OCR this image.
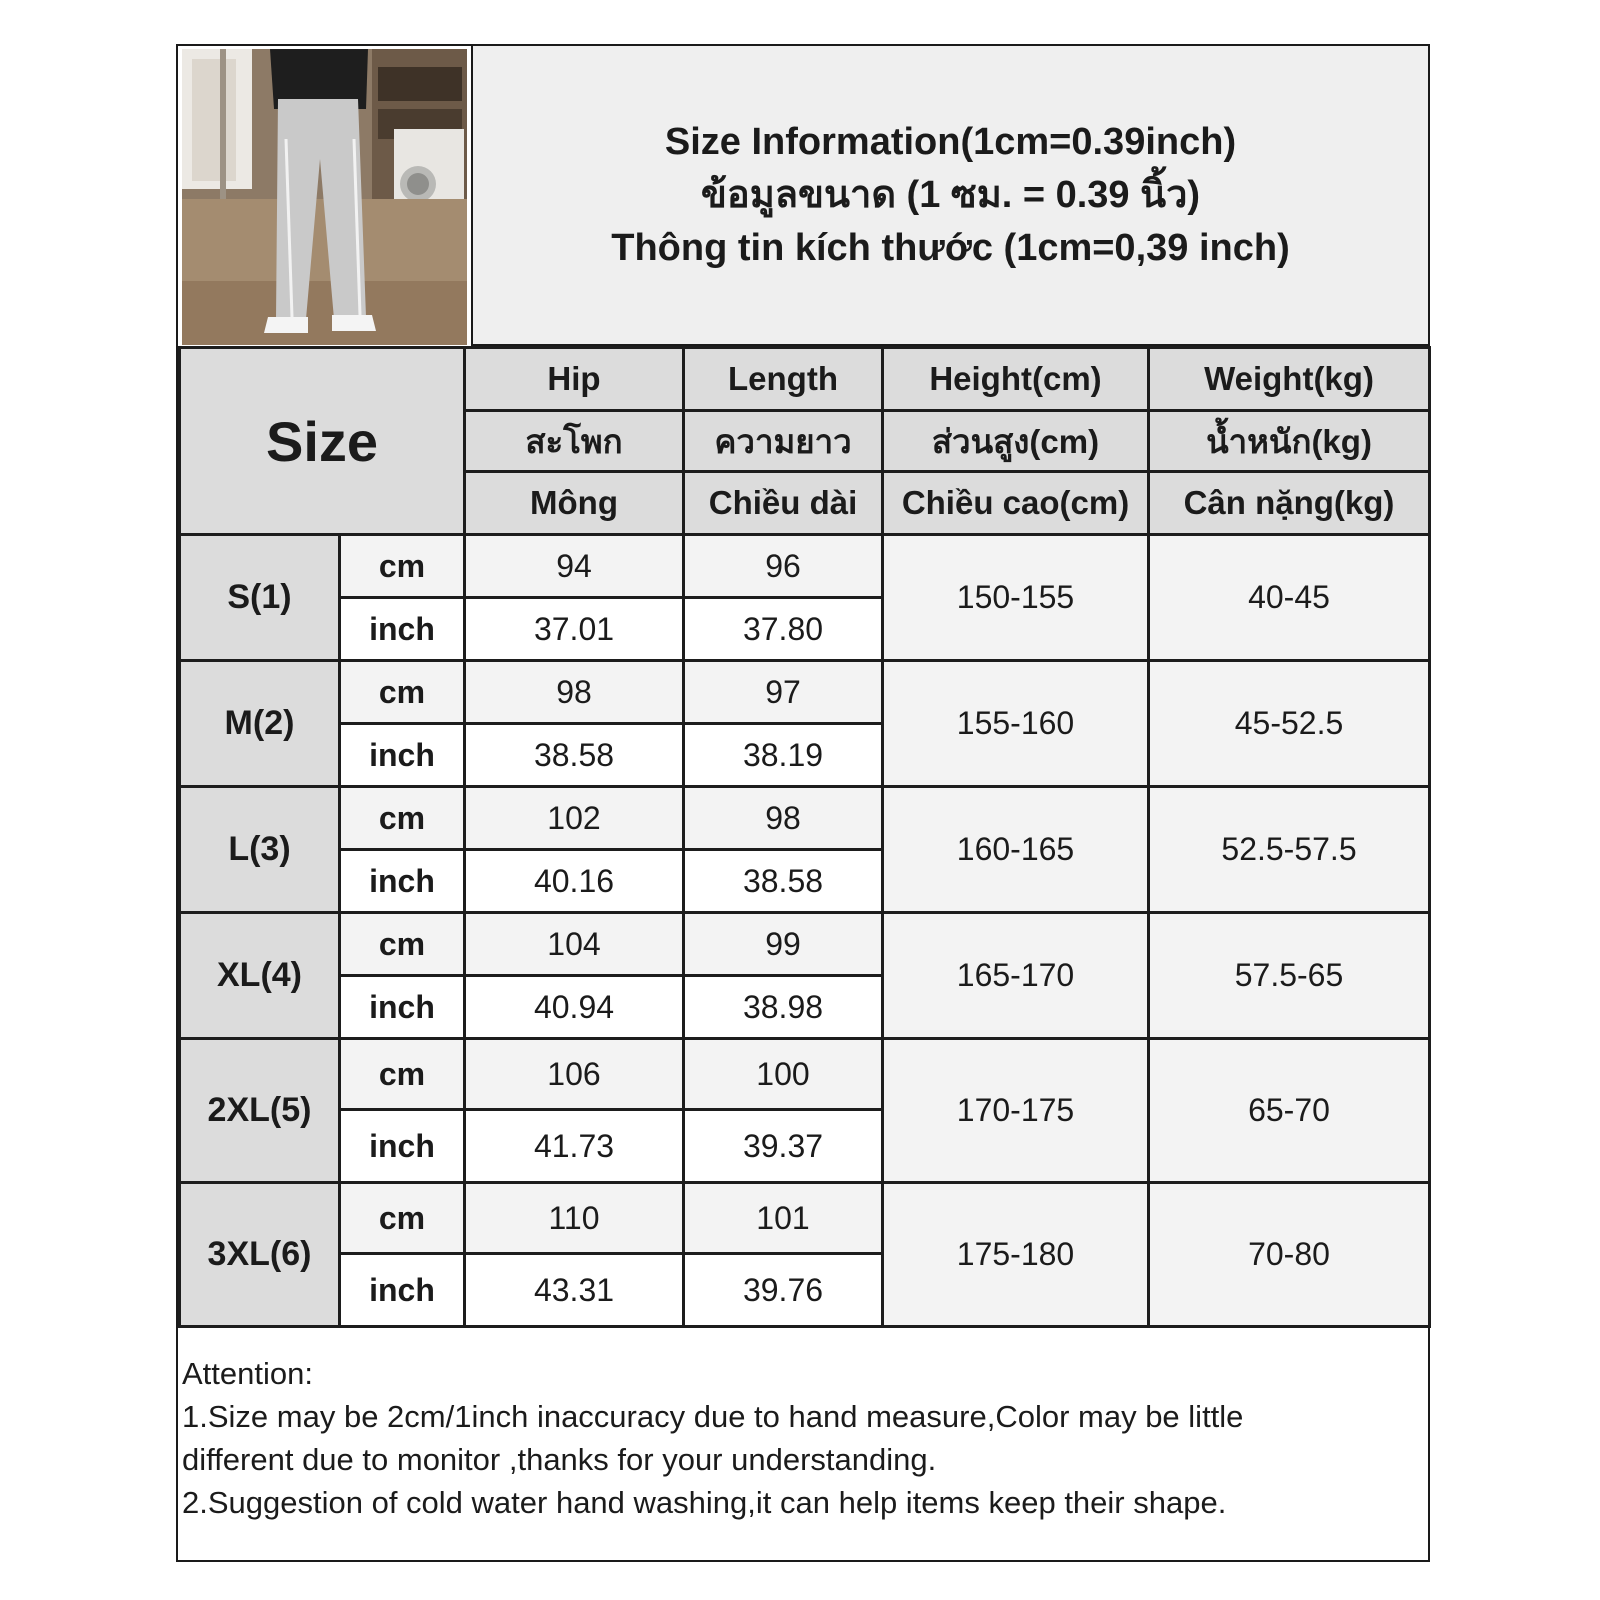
Size Information(1cm=0.39inch)
ข้อมูลขนาด (1 ซม. = 0.39 นิ้ว)
Thông tin kích thước (1cm=0,39 inch)
Size		Hip	Length	Height(cm)	Weight(kg)
		สะโพก	ความยาว	ส่วนสูง(cm)	น้ำหนัก(kg)
		Mông	Chiều dài	Chiều cao(cm)	Cân nặng(kg)
S(1)	cm	94	96	150-155	40-45
	inch	37.01	37.80		
M(2)	cm	98	97	155-160	45-52.5
	inch	38.58	38.19		
L(3)	cm	102	98	160-165	52.5-57.5
	inch	40.16	38.58		
XL(4)	cm	104	99	165-170	57.5-65
	inch	40.94	38.98		
2XL(5)	cm	106	100	170-175	65-70
	inch	41.73	39.37		
3XL(6)	cm	110	101	175-180	70-80
	inch	43.31	39.76		
Attention:
1.Size may be 2cm/1inch inaccuracy due to hand measure,Color may be little
different due to monitor ,thanks for your understanding.
2.Suggestion of cold water hand washing,it can help items keep their shape.
